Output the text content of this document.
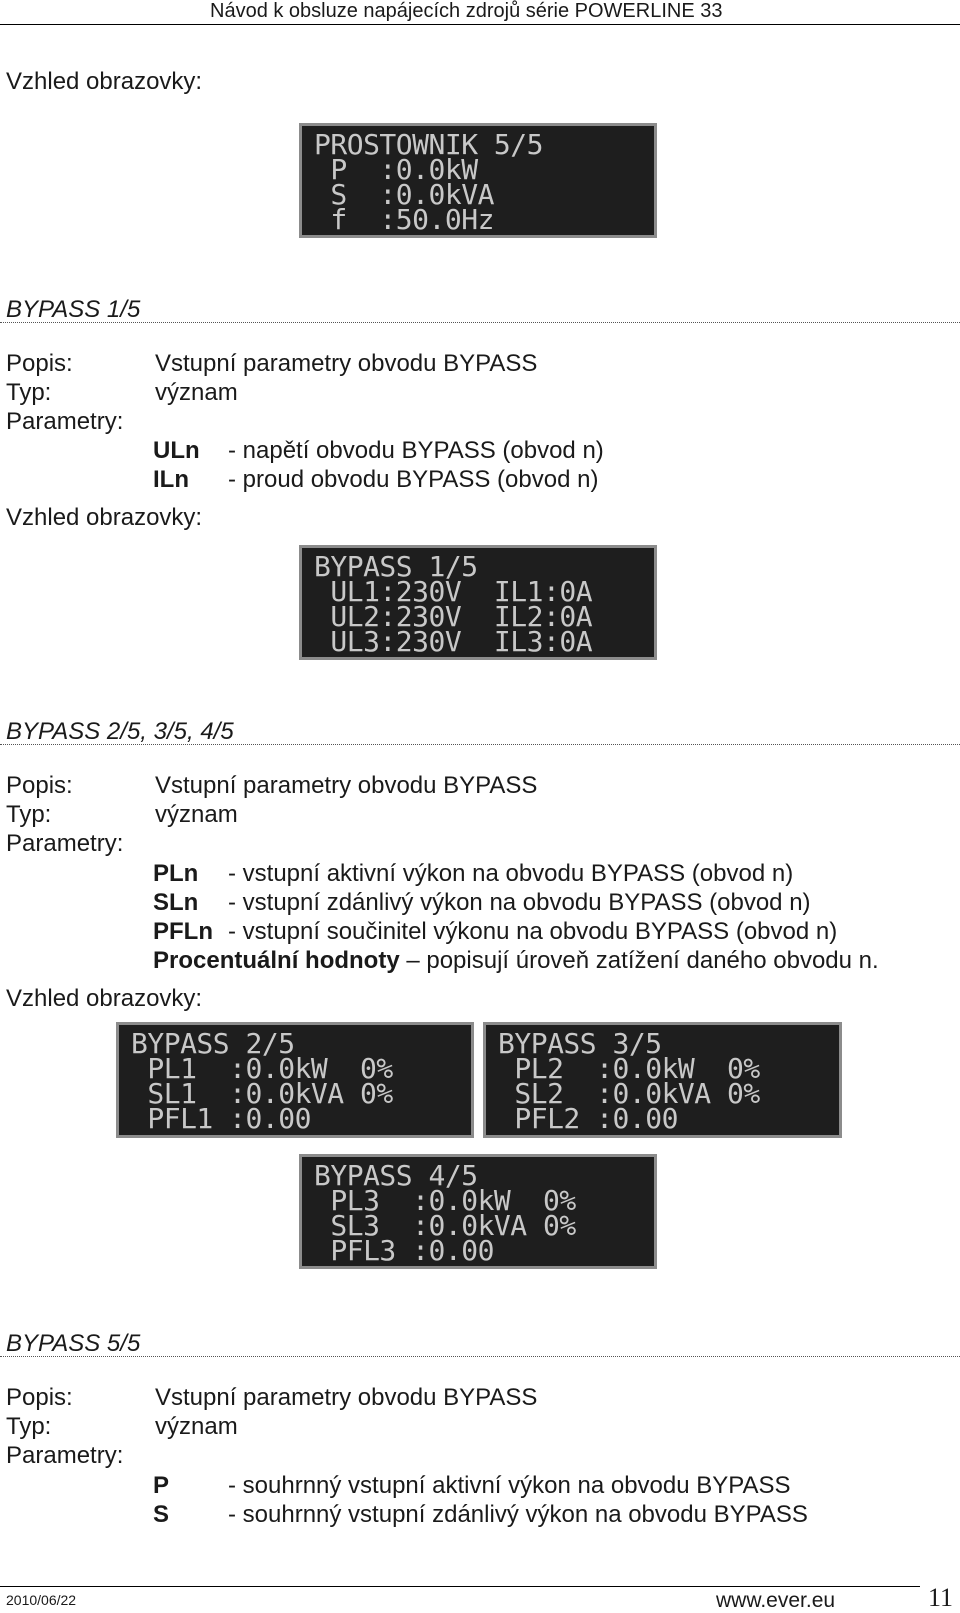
Návod k obsluze napájecích zdrojů série POWERLINE 33
Vzhled obrazovky:
PROSTOWNIK 5/5
P  :0.0kW
S  :0.0kVA
f  :50.0Hz
BYPASS 1/5
Popis:	Vstupní parametry obvodu BYPASS
Typ:	význam
Parametry:
ULn - napětí obvodu BYPASS (obvod n)
ILn - proud obvodu BYPASS (obvod n)
Vzhled obrazovky:
BYPASS 1/5
UL1:230V  IL1:0A
UL2:230V  IL2:0A
UL3:230V  IL3:0A
BYPASS 2/5, 3/5, 4/5
Popis:	Vstupní parametry obvodu BYPASS
Typ:	význam
Parametry:
PLn - vstupní aktivní výkon na obvodu BYPASS (obvod n)
SLn - vstupní zdánlivý výkon na obvodu BYPASS (obvod n)
PFLn - vstupní součinitel výkonu na obvodu BYPASS (obvod n)
Procentuální hodnoty – popisují úroveň zatížení daného obvodu n.
Vzhled obrazovky:
BYPASS 2/5
PL1  :0.0kW  0%
SL1  :0.0kVA 0%
PFL1 :0.00
BYPASS 3/5
PL2  :0.0kW  0%
SL2  :0.0kVA 0%
PFL2 :0.00
BYPASS 4/5
PL3  :0.0kW  0%
SL3  :0.0kVA 0%
PFL3 :0.00
BYPASS 5/5
Popis:	Vstupní parametry obvodu BYPASS
Typ:	význam
Parametry:
P - souhrnný vstupní aktivní výkon na obvodu BYPASS
S - souhrnný vstupní zdánlivý výkon na obvodu BYPASS
2010/06/22	www.ever.eu	11
